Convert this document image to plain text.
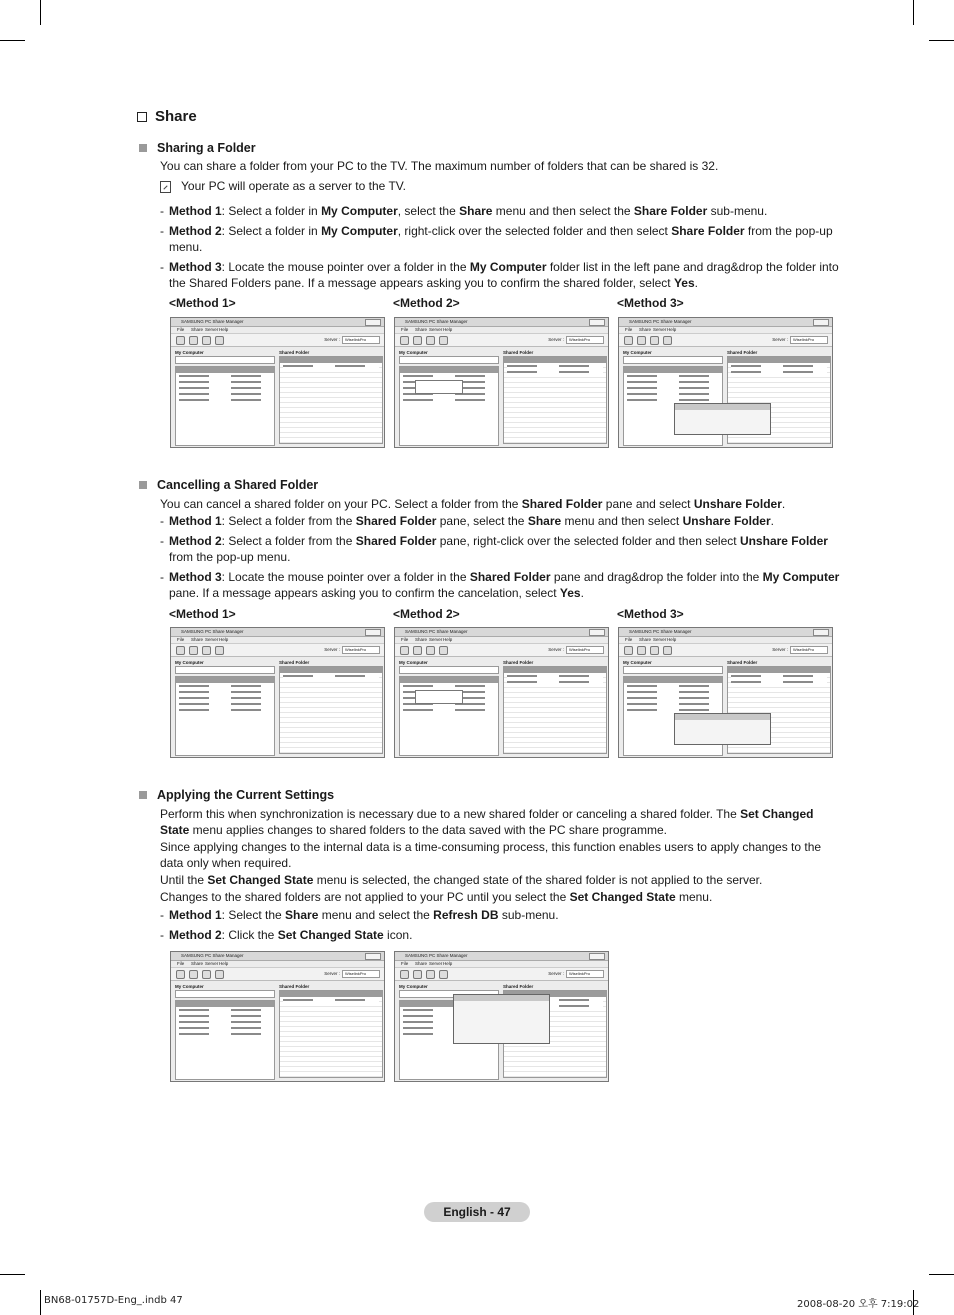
Share
Sharing a Folder
You can share a folder from your PC to the TV. The maximum number of folders that can be shared is 32.
Your PC will operate as a server to the TV.
- Method 1: Select a folder in My Computer, select the Share menu and then select the Share Folder sub-menu.
- Method 2: Select a folder in My Computer, right-click over the selected folder and then select Share Folder from the pop-up menu.
- Method 3: Locate the mouse pointer over a folder in the My Computer folder list in the left pane and drag&drop the folder into the Shared Folders pane. If a message appears asking you to confirm the shared folder, select Yes.
<Method 1>	<Method 2>	<Method 3>
Cancelling a Shared Folder
You can cancel a shared folder on your PC. Select a folder from the Shared Folder pane and select Unshare Folder.
- Method 1: Select a folder from the Shared Folder pane, select the Share menu and then select Unshare Folder.
- Method 2: Select a folder from the Shared Folder pane, right-click over the selected folder and then select Unshare Folder from the pop-up menu.
- Method 3: Locate the mouse pointer over a folder in the Shared Folder pane and drag&drop the folder into the My Computer pane. If a message appears asking you to confirm the cancelation, select Yes.
<Method 1>	<Method 2>	<Method 3>
Applying the Current Settings
Perform this when synchronization is necessary due to a new shared folder or canceling a shared folder. The Set Changed State menu applies changes to shared folders to the data saved with the PC share programme.
Since applying changes to the internal data is a time-consuming process, this function enables users to apply changes to the data only when required.
Until the Set Changed State menu is selected, the changed state of the shared folder is not applied to the server.
Changes to the shared folders are not applied to your PC until you select the Set Changed State menu.
- Method 1: Select the Share menu and select the Refresh DB sub-menu.
- Method 2: Click the Set Changed State icon.
SAMSUNG PC Share Manager
File Share Server Help
Server :	WiselinkPro
My Computer	Shared Folder
SAMSUNG PC Share Manager
File Share Server Help
Server :	WiselinkPro
My Computer	Shared Folder
SAMSUNG PC Share Manager
File Share Server Help
Server :	WiselinkPro
My Computer	Shared Folder
SAMSUNG PC Share Manager
File Share Server Help
Server :	WiselinkPro
My Computer	Shared Folder
SAMSUNG PC Share Manager
File Share Server Help
Server :	WiselinkPro
My Computer	Shared Folder
SAMSUNG PC Share Manager
File Share Server Help
Server :	WiselinkPro
My Computer	Shared Folder
SAMSUNG PC Share Manager
File Share Server Help
Server :	WiselinkPro
My Computer	Shared Folder
SAMSUNG PC Share Manager
File Share Server Help
Server :	WiselinkPro
My Computer	Shared Folder
English - 47
BN68-01757D-Eng_.indb 47	2008-08-20 오후 7:19:02
